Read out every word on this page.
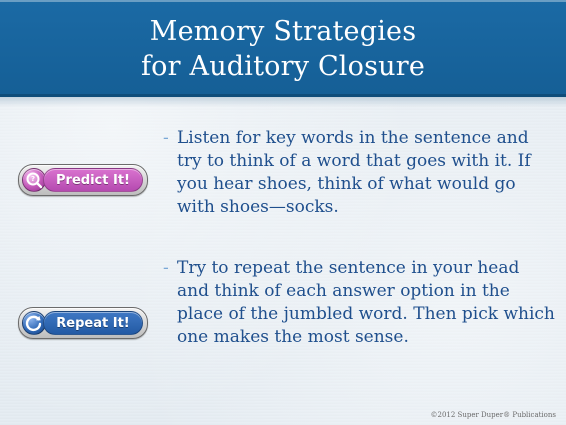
Memory Strategies
for Auditory Closure
?	Predict It!
Repeat It!
- Listen for key words in the sentence and try to think of a word that goes with it. If you hear shoes, think of what would go with shoes—socks.
- Try to repeat the sentence in your head and think of each answer option in the place of the jumbled word. Then pick which one makes the most sense.
©2012 Super Duper® Publications
